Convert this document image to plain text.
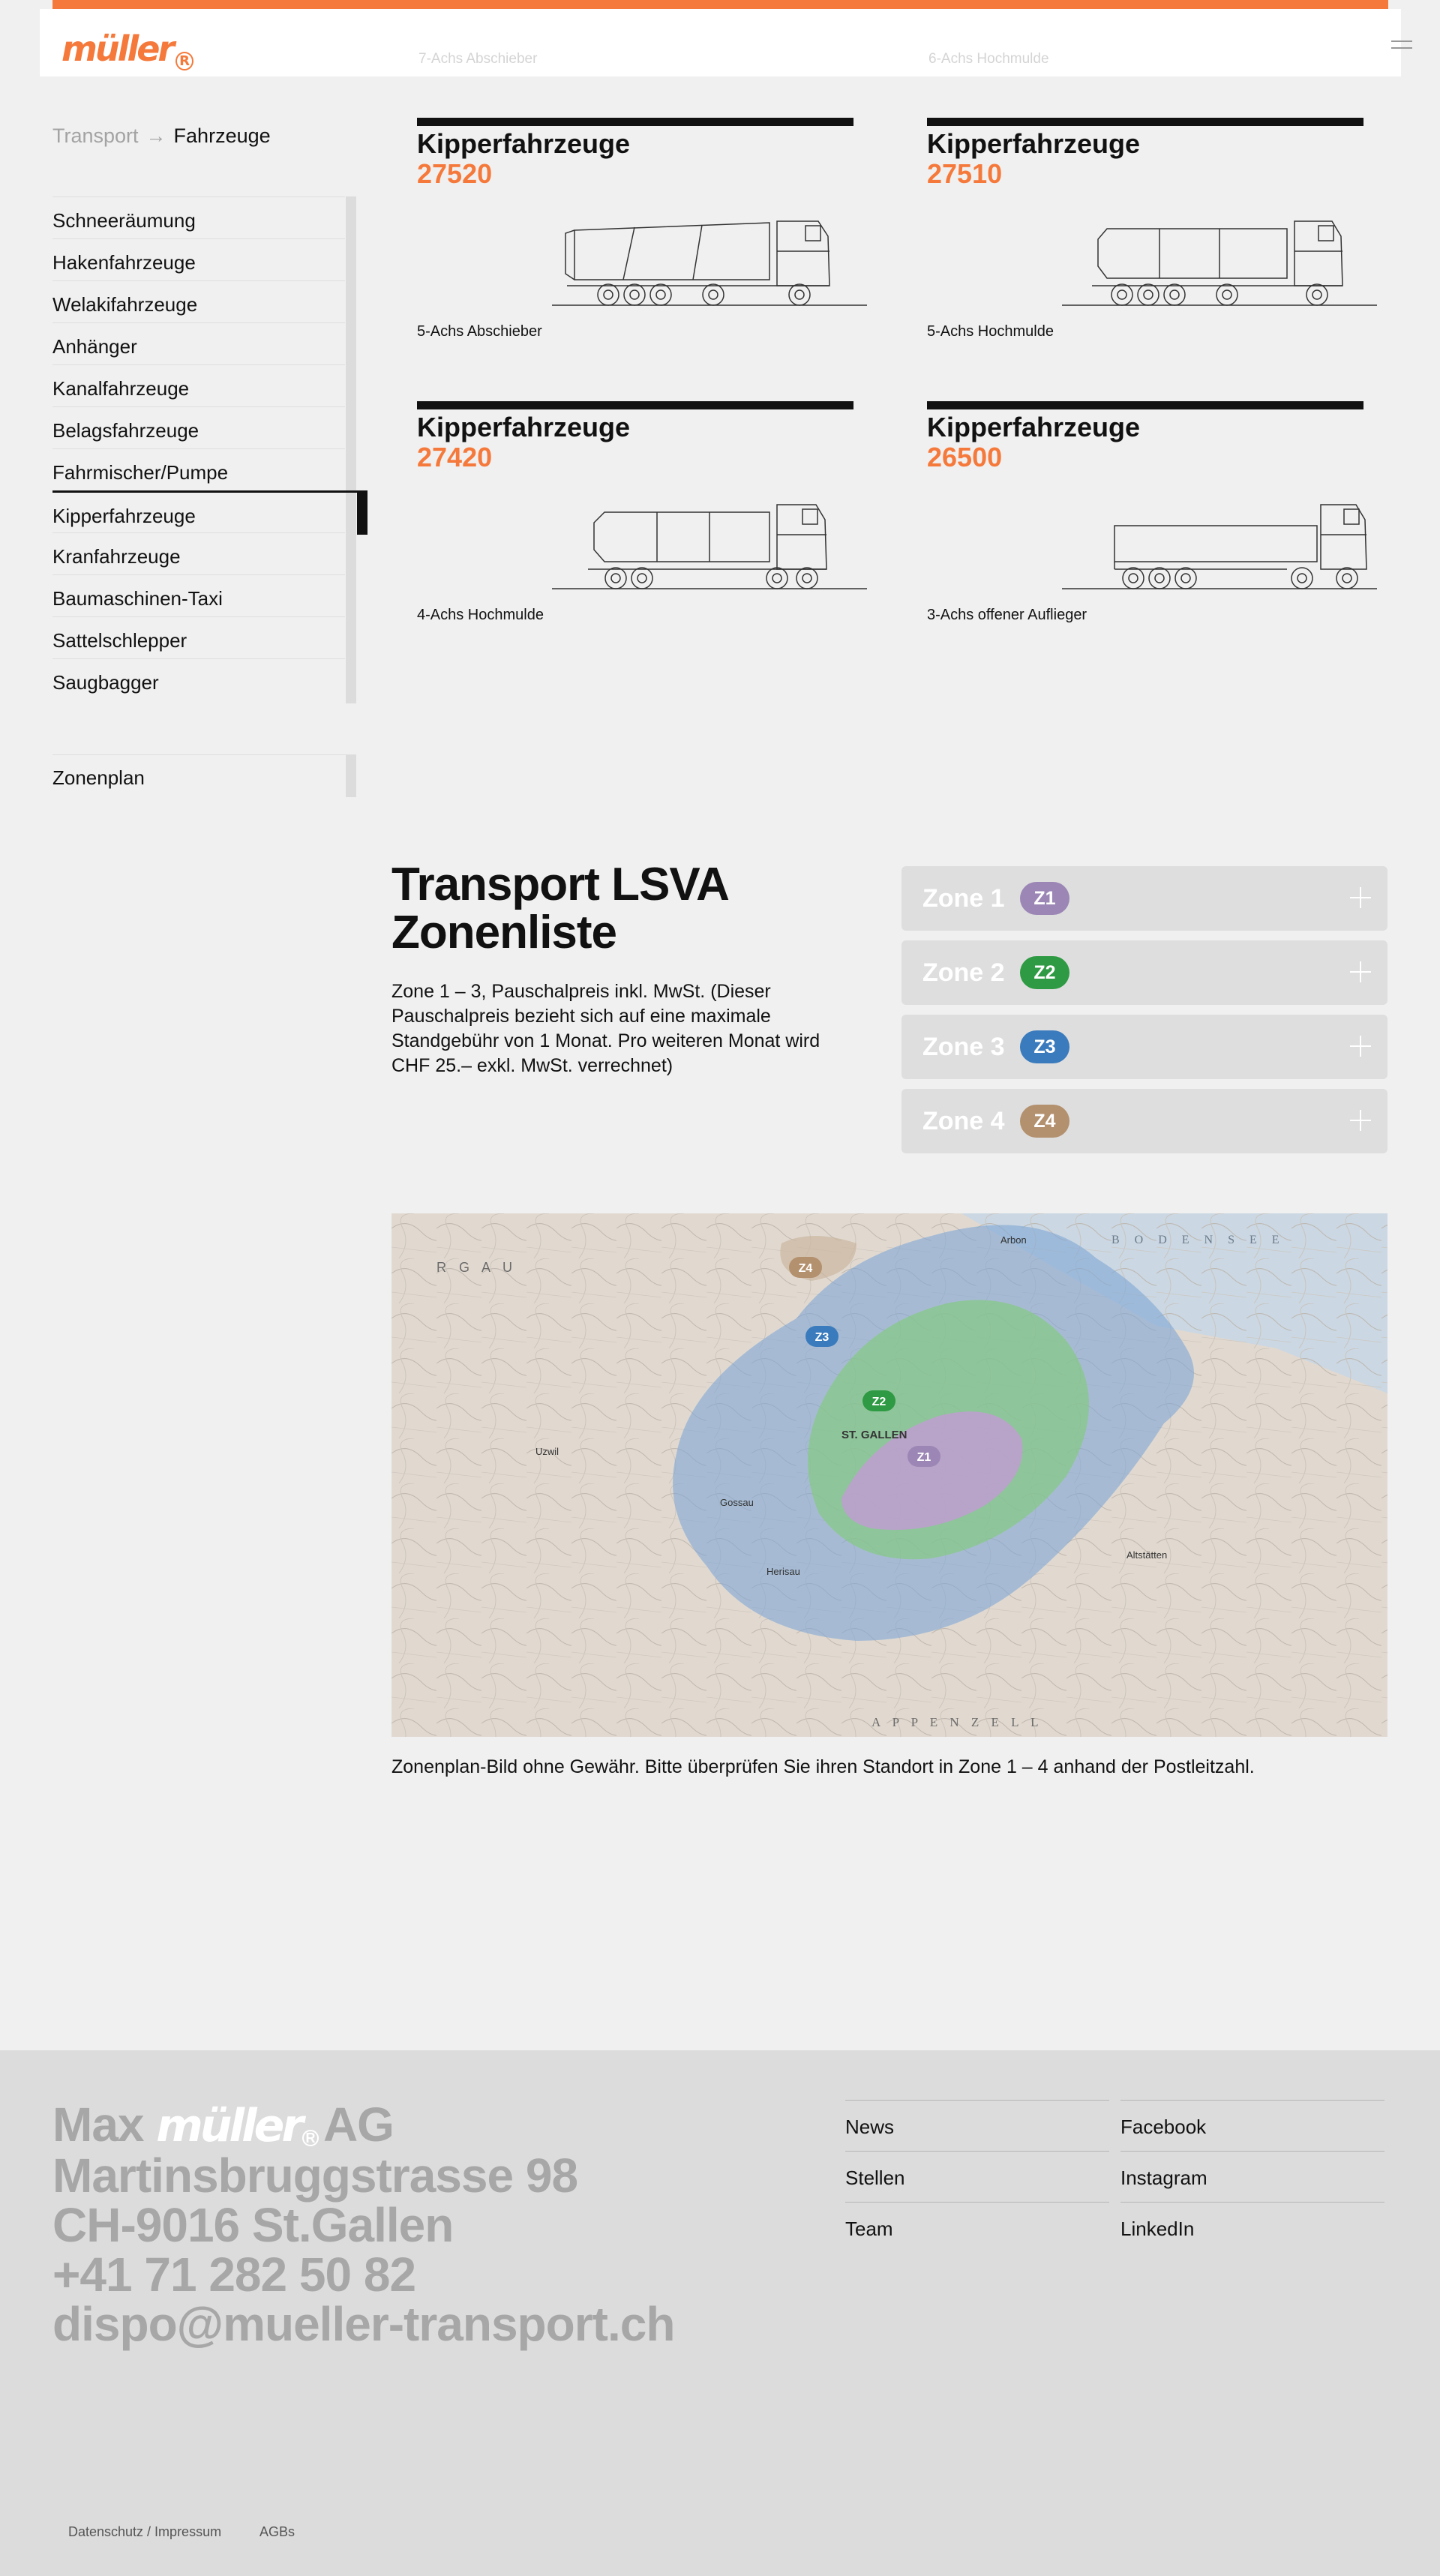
7-Achs Abschieber	6-Achs Hochmulde
müller R
Transport → Fahrzeuge
Schneeräumung
Hakenfahrzeuge
Welakifahrzeuge
Anhänger
Kanalfahrzeuge
Belagsfahrzeuge
Fahrmischer/Pumpe
Kipperfahrzeuge
Kranfahrzeuge
Baumaschinen-Taxi
Sattelschlepper
Saugbagger
Zonenplan
Kipperfahrzeuge
27520
5-Achs Abschieber
Kipperfahrzeuge
27510
5-Achs Hochmulde
Kipperfahrzeuge
27420
4-Achs Hochmulde
Kipperfahrzeuge
26500
3-Achs offener Auflieger
Transport LSVA
Zonenliste

Zone 1 – 3, Pauschalpreis inkl. MwSt. (Dieser Pauschalpreis bezieht sich auf eine maximale Standgebühr von 1 Monat. Pro weiteren Monat wird CHF 25.– exkl. MwSt. verrechnet)

Zone 1	Z1
Zone 2	Z2
Zone 3	Z3
Zone 4	Z4
R G A U
B O D E N S E E
ST. GALLEN
A P P E N Z E L L
Arbon
Gossau
Herisau
Uzwil
Altstätten
Z4
Z3
Z2
Z1

Zonenplan-Bild ohne Gewähr. Bitte überprüfen Sie ihren Standort in Zone 1 – 4 anhand der Postleitzahl.

Max müller R AG
Martinsbruggstrasse 98
CH-9016 St.Gallen
+41 71 282 50 82
dispo@mueller-transport.ch
News
Stellen
Team
Facebook
Instagram
LinkedIn
Datenschutz / Impressum	AGBs
